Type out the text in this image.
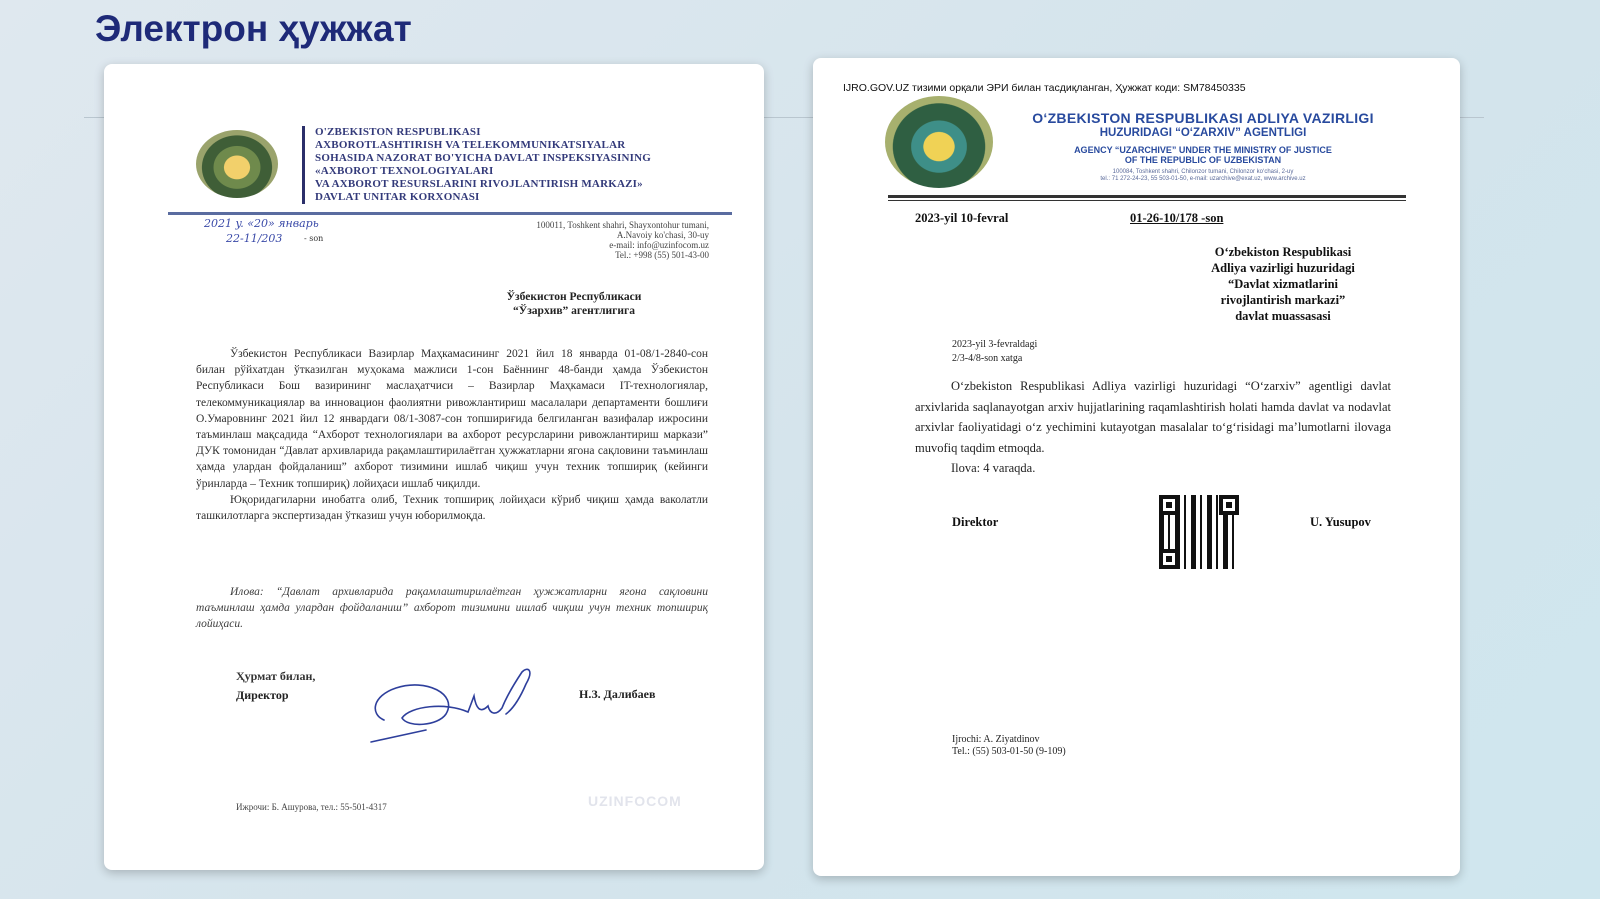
Электрон ҳужжат
O'ZBEKISTON RESPUBLIKASI
AXBOROTLASHTIRISH VA TELEKOMMUNIKATSIYALAR
SOHASIDA NAZORAT BO'YICHA DAVLAT INSPEKSIYASINING
«AXBOROT TEXNOLOGIYALARI
VA AXBOROT RESURSLARINI RIVOJLANTIRISH MARKAZI»
DAVLAT UNITAR KORXONASI
2021 y. «20» январь
22-11/203	- son
100011, Toshkent shahri, Shayxontohur tumani,
A.Navoiy ko'chasi, 30-uy
e-mail: info@uzinfocom.uz
Tel.: +998 (55) 501-43-00
Ўзбекистон Республикаси
“Ўзархив” агентлигига

Ўзбекистон Республикаси Вазирлар Маҳкамасининг 2021 йил 18 январда 01-08/1-2840-сон билан рўйхатдан ўтказилган муҳокама мажлиси 1-сон Баённинг 48-банди ҳамда Ўзбекистон Республикаси Бош вазирининг маслаҳатчиси – Вазирлар Маҳкамаси IT-технологиялар, телекоммуникациялар ва инновацион фаолиятни ривожлантириш масалалари департаменти бошлиғи О.Умаровнинг 2021 йил 12 январдаги 08/1-3087-сон топшириғида белгиланган вазифалар ижросини таъминлаш мақсадида “Ахборот технологиялари ва ахборот ресурсларини ривожлантириш маркази” ДУК томонидан “Давлат архивларида рақамлаштирилаётган ҳужжатларни ягона сақловини таъминлаш ҳамда улардан фойдаланиш” ахборот тизимини ишлаб чиқиш учун техник топшириқ (кейинги ўринларда – Техник топшириқ) лойиҳаси ишлаб чиқилди.

Юқоридагиларни инобатга олиб, Техник топшириқ лойиҳаси кўриб чиқиш ҳамда ваколатли ташкилотларга экспертизадан ўтказиш учун юборилмоқда.

Илова: “Давлат архивларида рақамлаштирилаётган ҳужжатларни ягона сақловини таъминлаш ҳамда улардан фойдаланиш” ахборот тизимини ишлаб чиқиш учун техник топшириқ лойиҳаси.
Ҳурмат билан,
Директор	Н.З. Далибаев
Ижрочи: Б. Ашурова, тел.: 55-501-4317	UZINFOCOM
IJRO.GOV.UZ тизими орқали ЭРИ билан тасдиқланган, Ҳужжат коди: SM78450335
O‘ZBEKISTON RESPUBLIKASI ADLIYA VAZIRLIGI
HUZURIDAGI “O‘ZARXIV” AGENTLIGI
AGENCY “UZARCHIVE” UNDER THE MINISTRY OF JUSTICE
OF THE REPUBLIC OF UZBEKISTAN
100084, Toshkent shahri, Chilonzor tumani, Chilonzor ko‘chasi, 2-uy
tel.: 71 272-24-23, 55 503-01-50, e-mail: uzarchive@exat.uz, www.archive.uz
2023-yil 10-fevral	01-26-10/178 -son
O‘zbekiston Respublikasi
Adliya vazirligi huzuridagi
“Davlat xizmatlarini
rivojlantirish markazi”
davlat muassasasi
2023-yil 3-fevraldagi
2/3-4/8-son xatga
O‘zbekiston Respublikasi Adliya vazirligi huzuridagi “O‘zarxiv” agentligi davlat arxivlarida saqlanayotgan arxiv hujjatlarining raqamlashtirish holati hamda davlat va nodavlat arxivlar faoliyatidagi o‘z yechimini kutayotgan masalalar to‘g‘risidagi ma’lumotlarni ilovaga muvofiq taqdim etmoqda.
Ilova: 4 varaqda.
Direktor	U. Yusupov
Ijrochi: A. Ziyatdinov
Tel.: (55) 503-01-50 (9-109)
